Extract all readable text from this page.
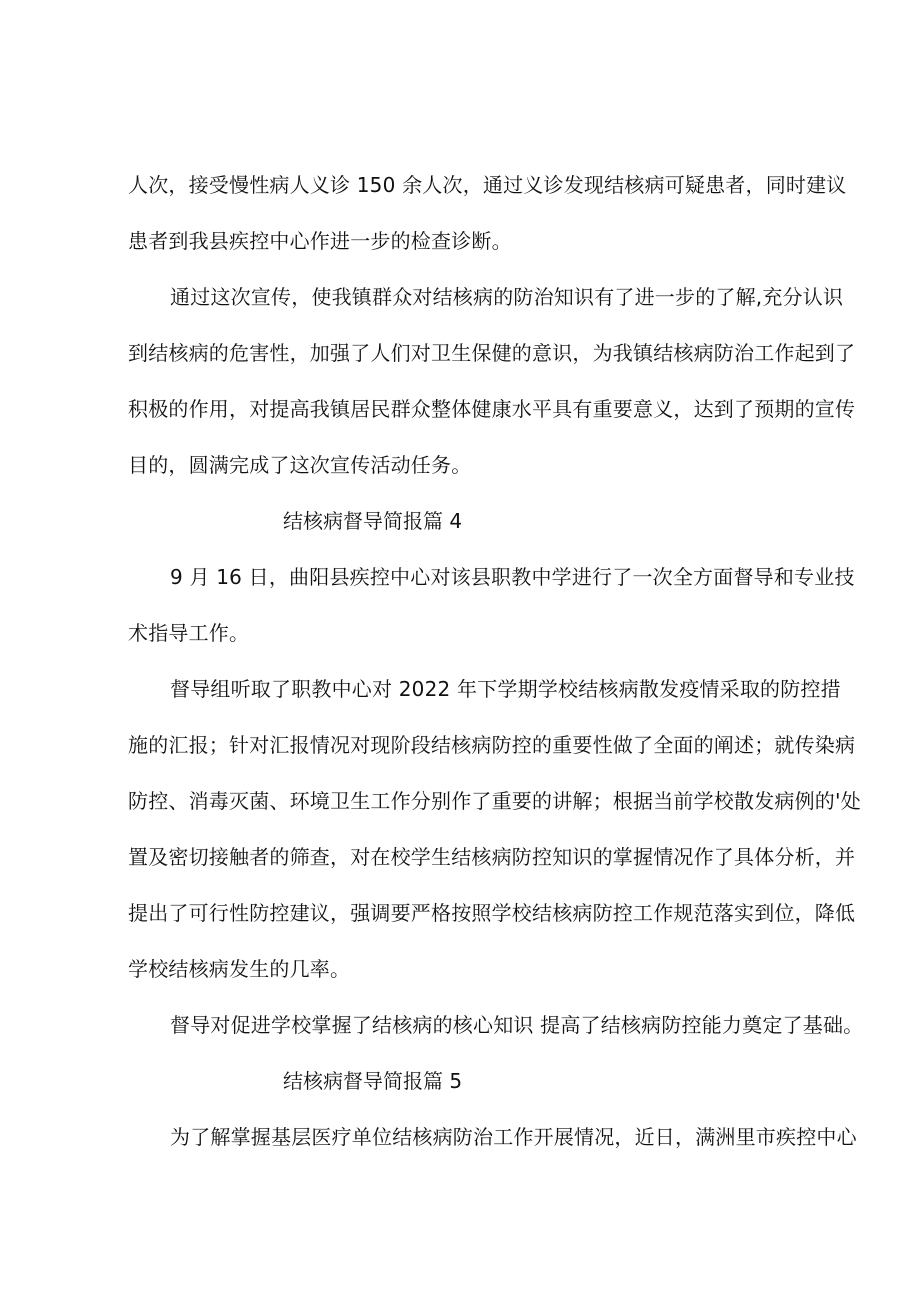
人次，接受慢性病人义诊 150 余人次，通过义诊发现结核病可疑患者，同时建议
患者到我县疾控中心作进一步的检查诊断。
通过这次宣传，使我镇群众对结核病的防治知识有了进一步的了解,充分认识
到结核病的危害性，加强了人们对卫生保健的意识，为我镇结核病防治工作起到了
积极的作用，对提高我镇居民群众整体健康水平具有重要意义，达到了预期的宣传
目的，圆满完成了这次宣传活动任务。
结核病督导简报篇 4
9 月 16 日，曲阳县疾控中心对该县职教中学进行了一次全方面督导和专业技
术指导工作。
督导组听取了职教中心对 2022 年下学期学校结核病散发疫情采取的防控措
施的汇报；针对汇报情况对现阶段结核病防控的重要性做了全面的阐述；就传染病
防控、消毒灭菌、环境卫生工作分别作了重要的讲解；根据当前学校散发病例的'处
置及密切接触者的筛查，对在校学生结核病防控知识的掌握情况作了具体分析，并
提出了可行性防控建议，强调要严格按照学校结核病防控工作规范落实到位，降低
学校结核病发生的几率。
督导对促进学校掌握了结核病的核心知识 提高了结核病防控能力奠定了基础。
结核病督导简报篇 5
为了解掌握基层医疗单位结核病防治工作开展情况，近日，满洲里市疾控中心
